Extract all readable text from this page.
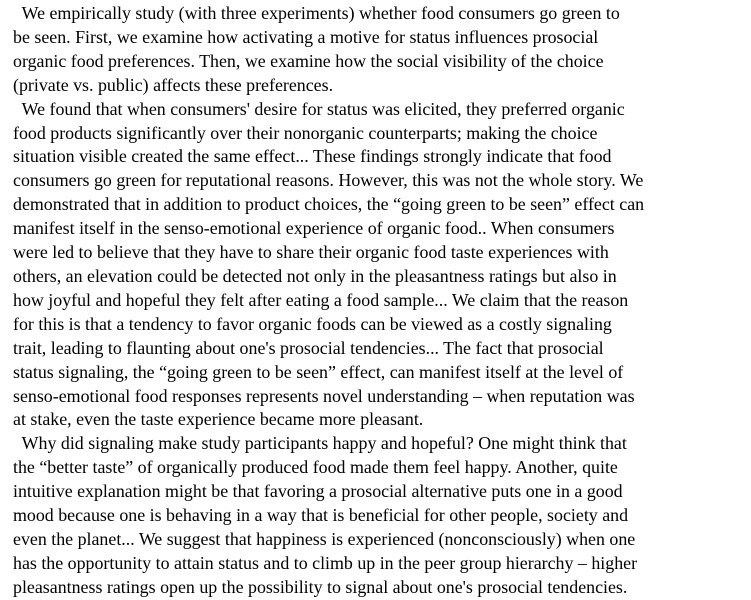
We empirically study (with three experiments) whether food consumers go green to
be seen. First, we examine how activating a motive for status influences prosocial
organic food preferences. Then, we examine how the social visibility of the choice
(private vs. public) affects these preferences.
We found that when consumers' desire for status was elicited, they preferred organic
food products significantly over their nonorganic counterparts; making the choice
situation visible created the same effect... These findings strongly indicate that food
consumers go green for reputational reasons. However, this was not the whole story. We
demonstrated that in addition to product choices, the “going green to be seen” effect can
manifest itself in the senso-emotional experience of organic food.. When consumers
were led to believe that they have to share their organic food taste experiences with
others, an elevation could be detected not only in the pleasantness ratings but also in
how joyful and hopeful they felt after eating a food sample... We claim that the reason
for this is that a tendency to favor organic foods can be viewed as a costly signaling
trait, leading to flaunting about one's prosocial tendencies... The fact that prosocial
status signaling, the “going green to be seen” effect, can manifest itself at the level of
senso-emotional food responses represents novel understanding – when reputation was
at stake, even the taste experience became more pleasant.
Why did signaling make study participants happy and hopeful? One might think that
the “better taste” of organically produced food made them feel happy. Another, quite
intuitive explanation might be that favoring a prosocial alternative puts one in a good
mood because one is behaving in a way that is beneficial for other people, society and
even the planet... We suggest that happiness is experienced (nonconsciously) when one
has the opportunity to attain status and to climb up in the peer group hierarchy – higher
pleasantness ratings open up the possibility to signal about one's prosocial tendencies.
